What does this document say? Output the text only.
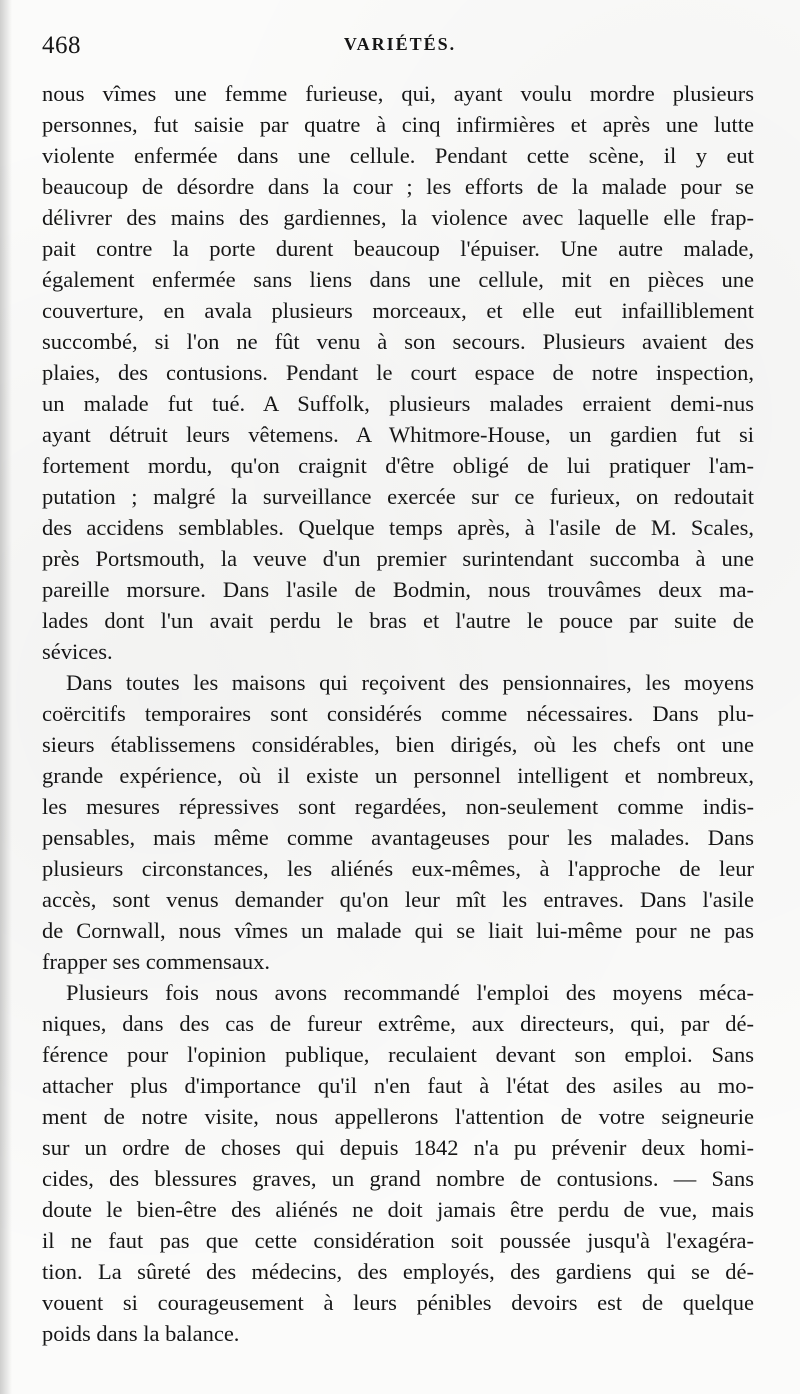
468	VARIÉTÉS.
nous vîmes une femme furieuse, qui, ayant voulu mordre plusieurs
personnes, fut saisie par quatre à cinq infirmières et après une lutte
violente enfermée dans une cellule. Pendant cette scène, il y eut
beaucoup de désordre dans la cour ; les efforts de la malade pour se
délivrer des mains des gardiennes, la violence avec laquelle elle frap-
pait contre la porte durent beaucoup l'épuiser. Une autre malade,
également enfermée sans liens dans une cellule, mit en pièces une
couverture, en avala plusieurs morceaux, et elle eut infailliblement
succombé, si l'on ne fût venu à son secours. Plusieurs avaient des
plaies, des contusions. Pendant le court espace de notre inspection,
un malade fut tué. A Suffolk, plusieurs malades erraient demi-nus
ayant détruit leurs vêtemens. A Whitmore-House, un gardien fut si
fortement mordu, qu'on craignit d'être obligé de lui pratiquer l'am-
putation ; malgré la surveillance exercée sur ce furieux, on redoutait
des accidens semblables. Quelque temps après, à l'asile de M. Scales,
près Portsmouth, la veuve d'un premier surintendant succomba à une
pareille morsure. Dans l'asile de Bodmin, nous trouvâmes deux ma-
lades dont l'un avait perdu le bras et l'autre le pouce par suite de
sévices.
Dans toutes les maisons qui reçoivent des pensionnaires, les moyens
coërcitifs temporaires sont considérés comme nécessaires. Dans plu-
sieurs établissemens considérables, bien dirigés, où les chefs ont une
grande expérience, où il existe un personnel intelligent et nombreux,
les mesures répressives sont regardées, non-seulement comme indis-
pensables, mais même comme avantageuses pour les malades. Dans
plusieurs circonstances, les aliénés eux-mêmes, à l'approche de leur
accès, sont venus demander qu'on leur mît les entraves. Dans l'asile
de Cornwall, nous vîmes un malade qui se liait lui-même pour ne pas
frapper ses commensaux.
Plusieurs fois nous avons recommandé l'emploi des moyens méca-
niques, dans des cas de fureur extrême, aux directeurs, qui, par dé-
férence pour l'opinion publique, reculaient devant son emploi. Sans
attacher plus d'importance qu'il n'en faut à l'état des asiles au mo-
ment de notre visite, nous appellerons l'attention de votre seigneurie
sur un ordre de choses qui depuis 1842 n'a pu prévenir deux homi-
cides, des blessures graves, un grand nombre de contusions. — Sans
doute le bien-être des aliénés ne doit jamais être perdu de vue, mais
il ne faut pas que cette considération soit poussée jusqu'à l'exagéra-
tion. La sûreté des médecins, des employés, des gardiens qui se dé-
vouent si courageusement à leurs pénibles devoirs est de quelque
poids dans la balance.
